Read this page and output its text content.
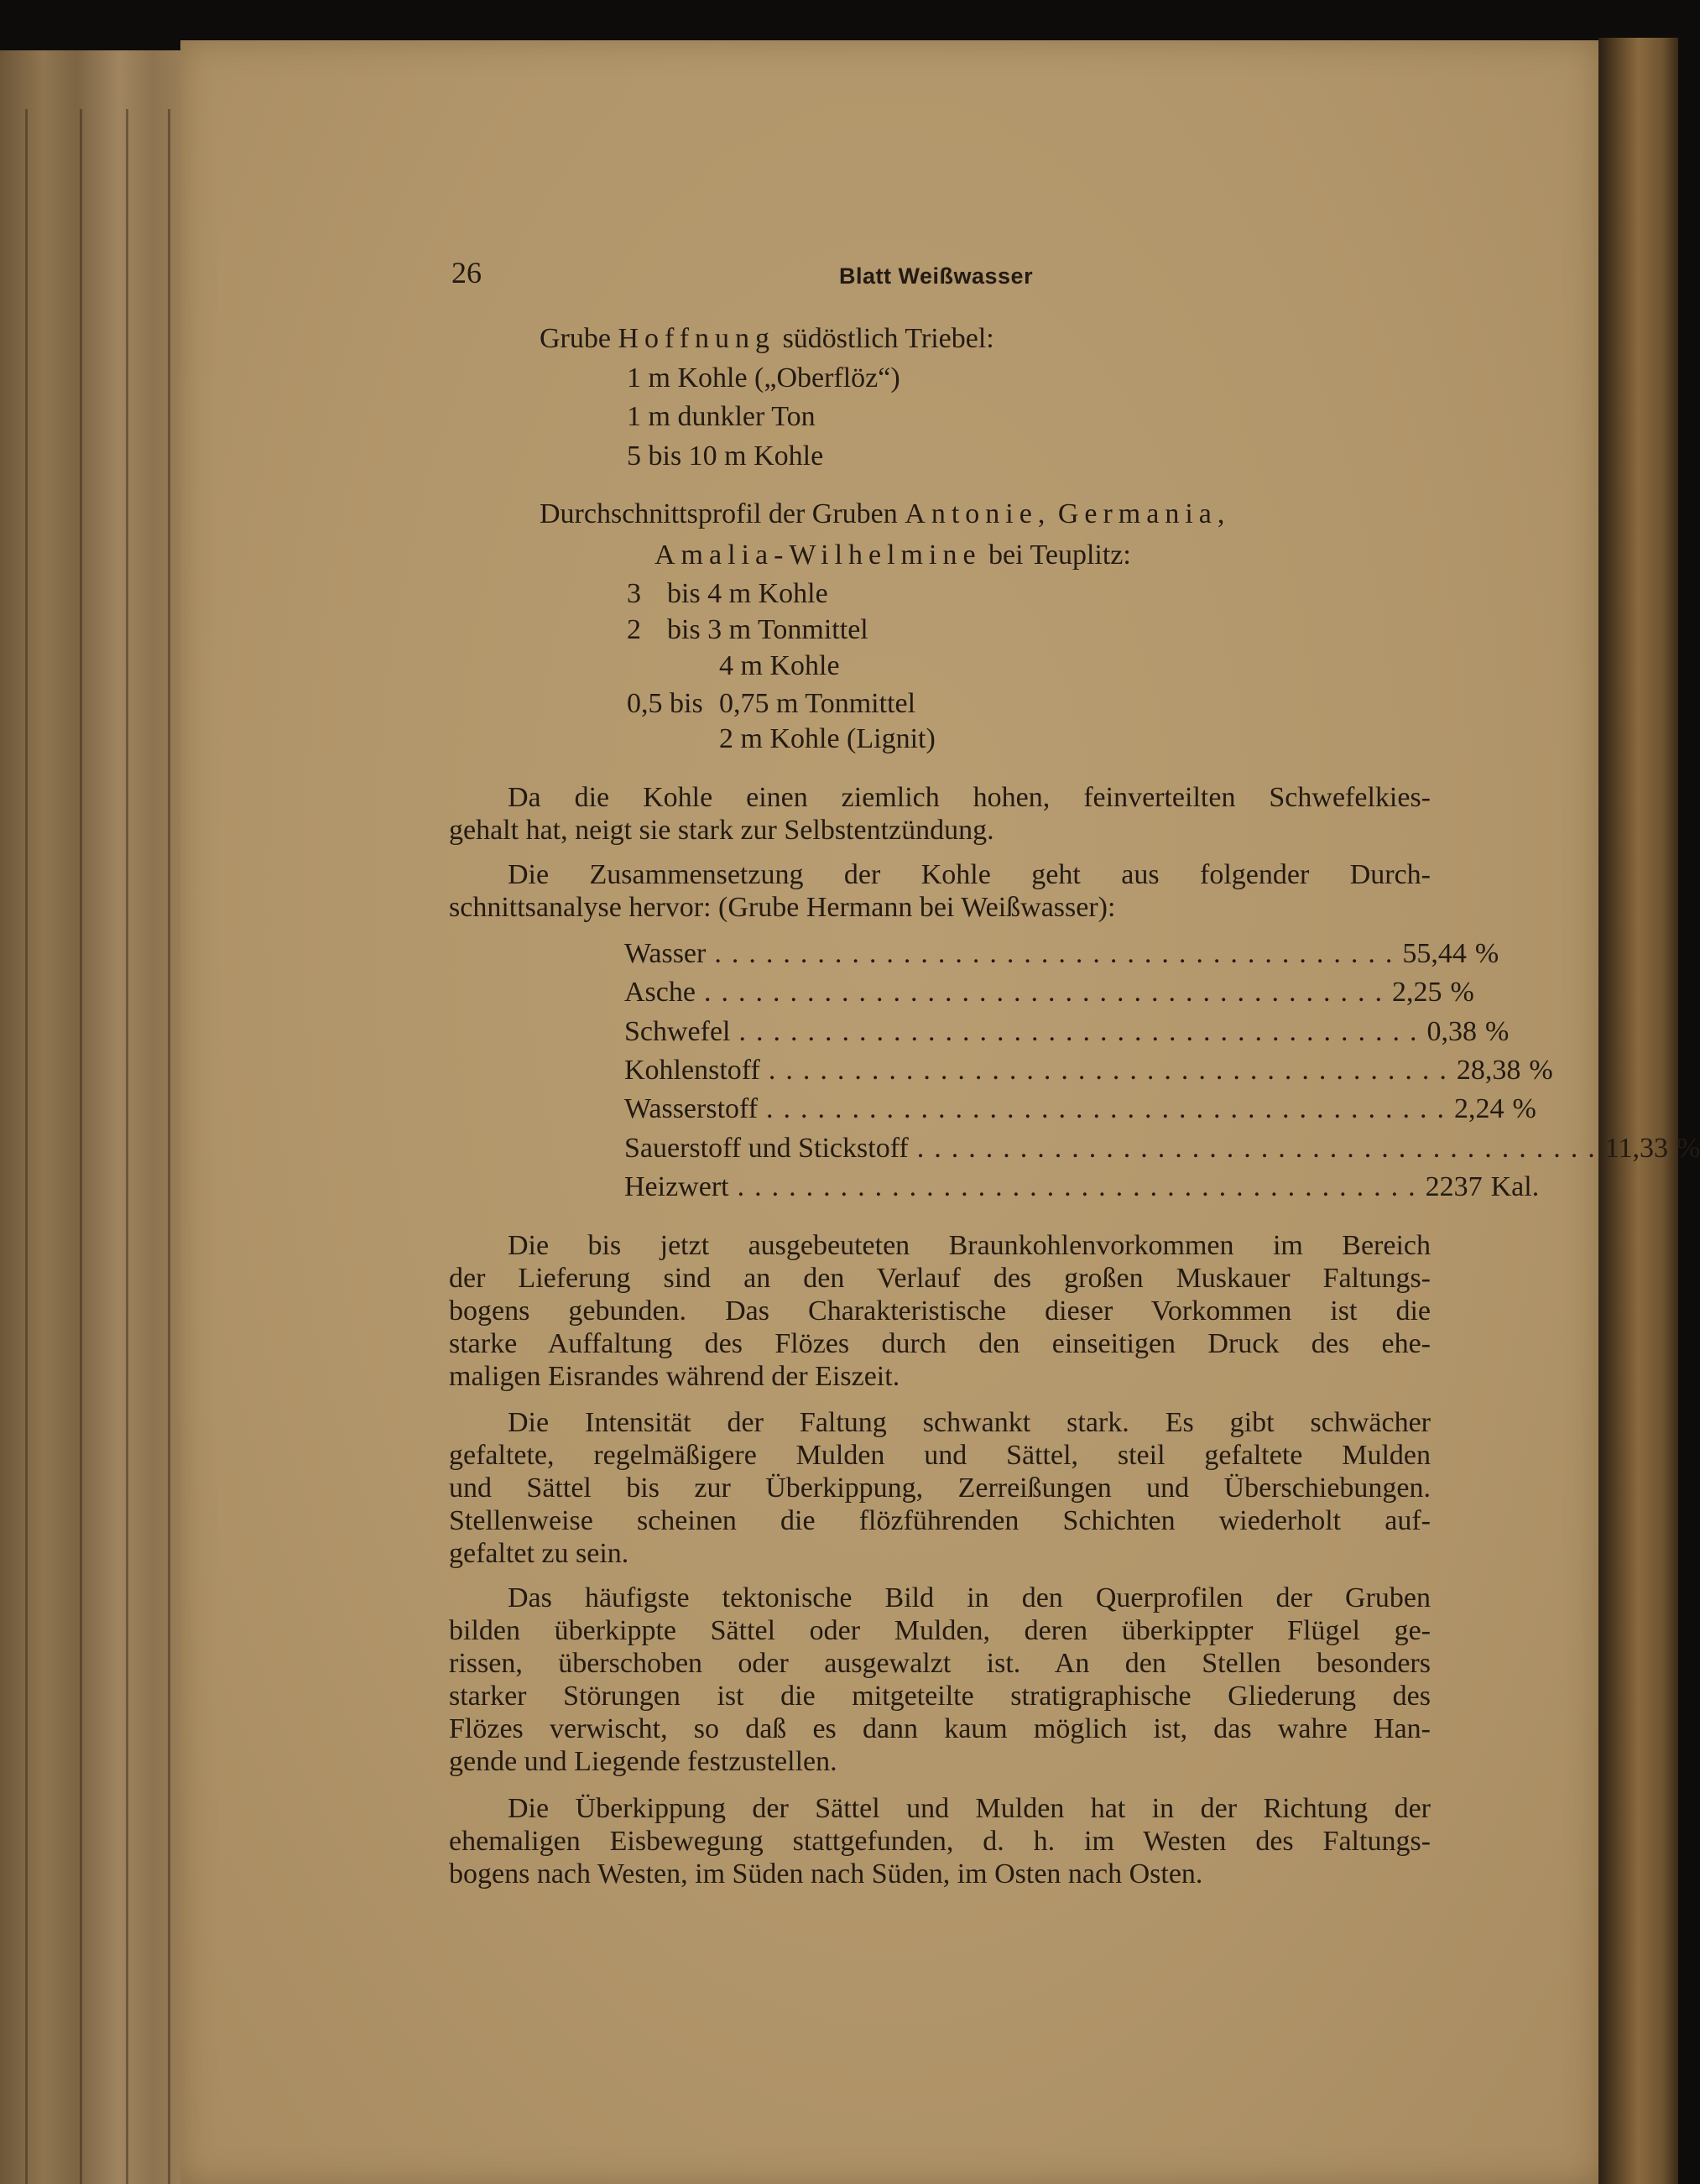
26	Blatt Weißwasser
Grube Hoffnung südöstlich Triebel:
1 m Kohle („Oberflöz“)
1 m dunkler Ton
5 bis 10 m Kohle
Durchschnittsprofil der Gruben Antonie, Germania,
Amalia-Wilhelmine bei Teuplitz:
3 bis 4 m Kohle
2 bis 3 m Tonmittel
4 m Kohle
0,5 bis 0,75 m Tonmittel
2 m Kohle (Lignit)
Da die Kohle einen ziemlich hohen, feinverteilten Schwefelkies-
gehalt hat, neigt sie stark zur Selbstentzündung.
Die Zusammensetzung der Kohle geht aus folgender Durch-
schnittsanalyse hervor: (Grube Hermann bei Weißwasser):
Wasser ........................................ 55,44 %
Asche ........................................ 2,25 %
Schwefel ........................................ 0,38 %
Kohlenstoff ........................................ 28,38 %
Wasserstoff ........................................ 2,24 %
Sauerstoff und Stickstoff ........................................ 11,33 %
Heizwert ........................................ 2237 Kal.
Die bis jetzt ausgebeuteten Braunkohlenvorkommen im Bereich
der Lieferung sind an den Verlauf des großen Muskauer Faltungs-
bogens gebunden. Das Charakteristische dieser Vorkommen ist die
starke Auffaltung des Flözes durch den einseitigen Druck des ehe-
maligen Eisrandes während der Eiszeit.
Die Intensität der Faltung schwankt stark. Es gibt schwächer
gefaltete, regelmäßigere Mulden und Sättel, steil gefaltete Mulden
und Sättel bis zur Überkippung, Zerreißungen und Überschiebungen.
Stellenweise scheinen die flözführenden Schichten wiederholt auf-
gefaltet zu sein.
Das häufigste tektonische Bild in den Querprofilen der Gruben
bilden überkippte Sättel oder Mulden, deren überkippter Flügel ge-
rissen, überschoben oder ausgewalzt ist. An den Stellen besonders
starker Störungen ist die mitgeteilte stratigraphische Gliederung des
Flözes verwischt, so daß es dann kaum möglich ist, das wahre Han-
gende und Liegende festzustellen.
Die Überkippung der Sättel und Mulden hat in der Richtung der
ehemaligen Eisbewegung stattgefunden, d. h. im Westen des Faltungs-
bogens nach Westen, im Süden nach Süden, im Osten nach Osten.
